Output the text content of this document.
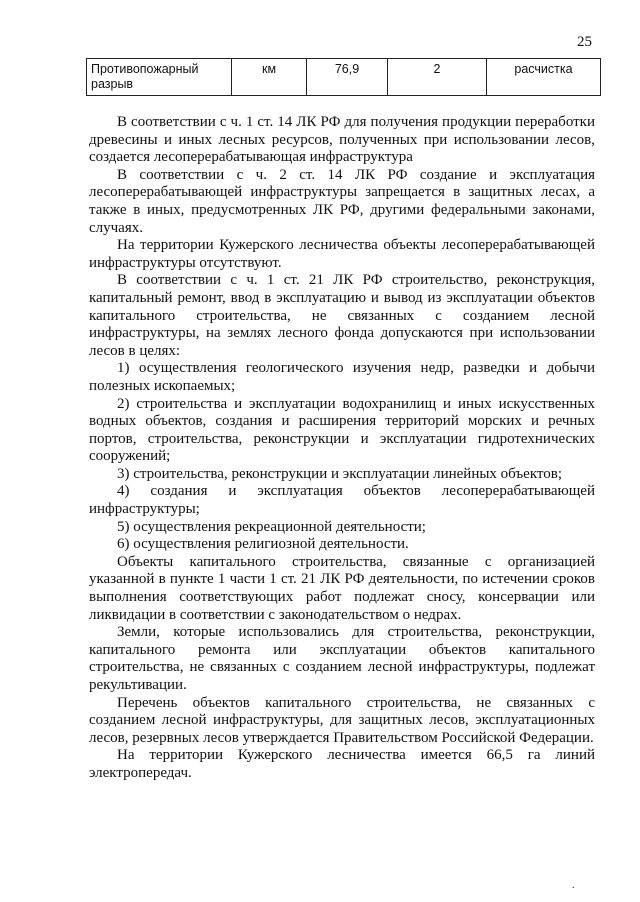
25
Противопожарный разрыв	км	76,9	2	расчистка

В соответствии с ч. 1 ст. 14 ЛК РФ для получения продукции переработки древесины и иных лесных ресурсов, полученных при использовании лесов, создается лесоперерабатывающая инфраструктура

В соответствии с ч. 2 ст. 14 ЛК РФ создание и эксплуатация лесоперерабатывающей инфраструктуры запрещается в защитных лесах, а также в иных, предусмотренных ЛК РФ, другими федеральными законами, случаях.

На территории Кужерского лесничества объекты лесоперерабатывающей инфраструктуры отсутствуют.

В соответствии с ч. 1 ст. 21 ЛК РФ строительство, реконструкция, капитальный ремонт, ввод в эксплуатацию и вывод из эксплуатации объектов капитального строительства, не связанных с созданием лесной инфраструктуры, на землях лесного фонда допускаются при использовании лесов в целях:

1) осуществления геологического изучения недр, разведки и добычи полезных ископаемых;

2) строительства и эксплуатации водохранилищ и иных искусственных водных объектов, создания и расширения территорий морских и речных портов, строительства, реконструкции и эксплуатации гидротехнических сооружений;

3) строительства, реконструкции и эксплуатации линейных объектов;

4) создания и эксплуатация объектов лесоперерабатывающей инфраструктуры;

5) осуществления рекреационной деятельности;

6) осуществления религиозной деятельности.

Объекты капитального строительства, связанные с организацией указанной в пункте 1 части 1 ст. 21 ЛК РФ деятельности, по истечении сроков выполнения соответствующих работ подлежат сносу, консервации или ликвидации в соответствии с законодательством о недрах.

Земли, которые использовались для строительства, реконструкции, капитального ремонта или эксплуатации объектов капитального строительства, не связанных с созданием лесной инфраструктуры, подлежат рекультивации.

Перечень объектов капитального строительства, не связанных с созданием лесной инфраструктуры, для защитных лесов, эксплуатационных лесов, резервных лесов утверждается Правительством Российской Федерации.

На территории Кужерского лесничества имеется 66,5 га линий электропередач.

.
